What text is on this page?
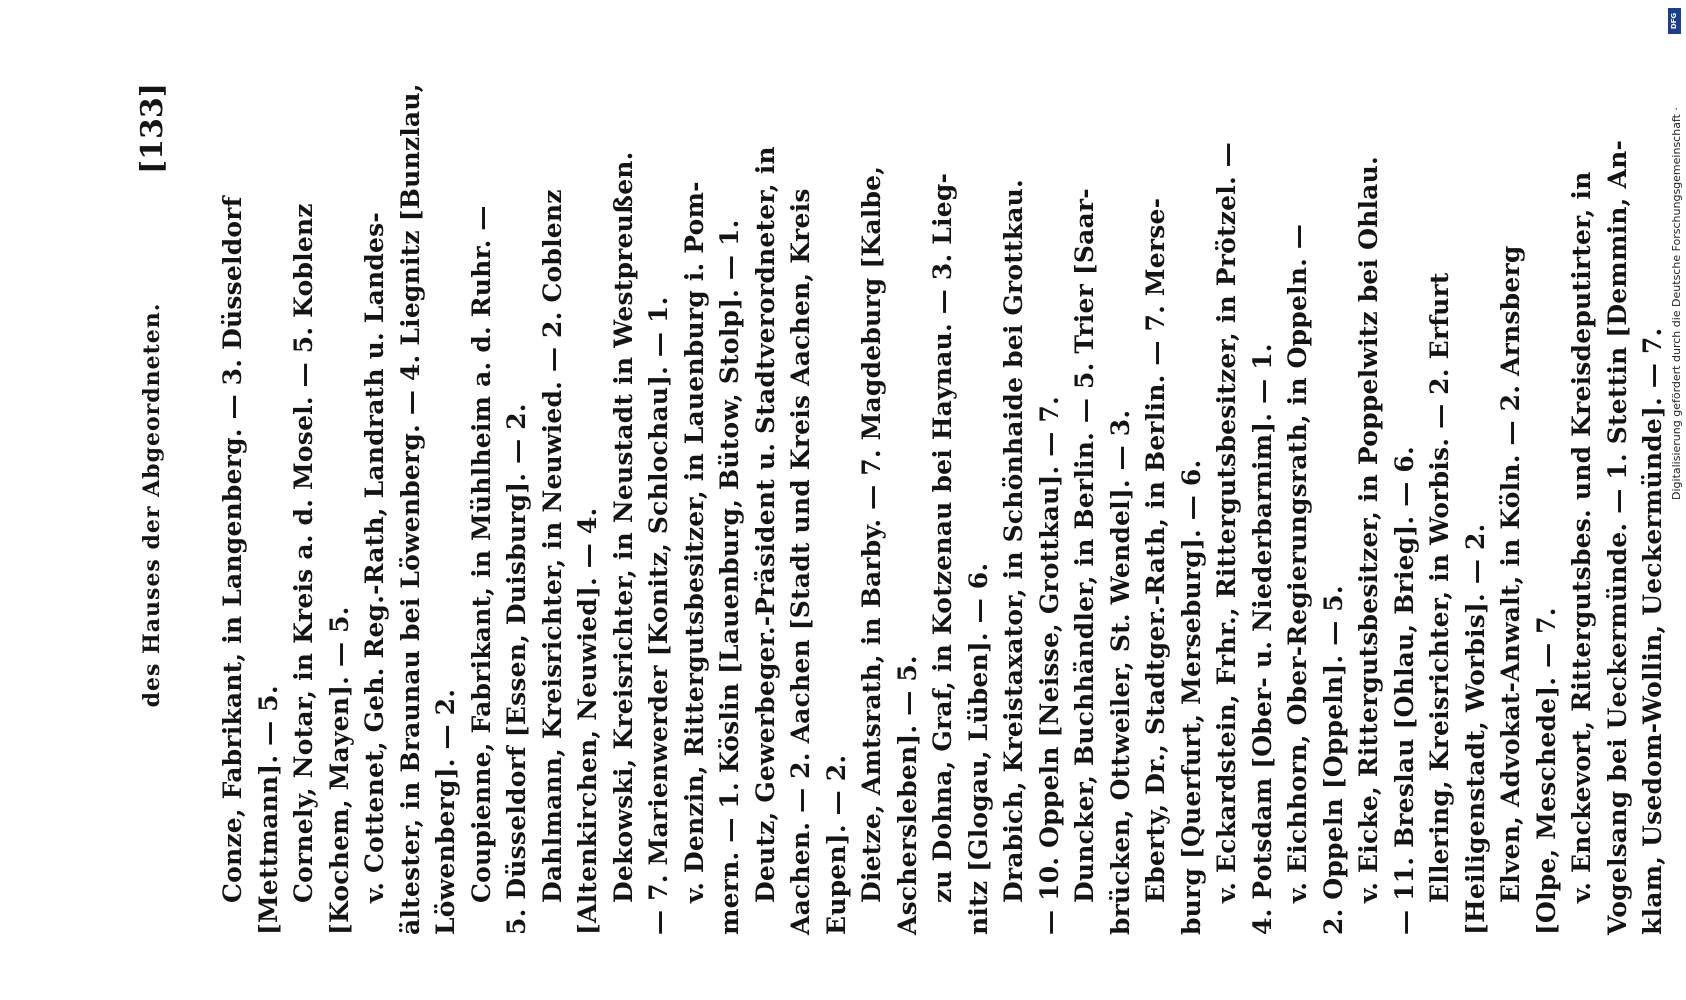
des Hauses der Abgeordneten.
[133]
Conze, Fabrikant, in Langenberg. — 3. Düsseldorf [Mettmann]. — 5. Cornely, Notar, in Kreis a. d. Mosel. — 5. Koblenz [Kochem, Mayen]. — 5. v. Cottenet, Geh. Reg.-Rath, Landrath u. Landes- ältester, in Braunau bei Löwenberg. — 4. Liegnitz [Bunzlau, Löwenberg]. — 2. Coupienne, Fabrikant, in Mühlheim a. d. Ruhr. — 5. Düsseldorf [Essen, Duisburg]. — 2. Dahlmann, Kreisrichter, in Neuwied. — 2. Coblenz [Altenkirchen, Neuwied]. — 4. Dekowski, Kreisrichter, in Neustadt in Westpreußen. — 7. Marienwerder [Konitz, Schlochau]. — 1. v. Denzin, Rittergutsbesitzer, in Lauenburg i. Pom- mern. — 1. Köslin [Lauenburg, Bütow, Stolp]. — 1. Deutz, Gewerbeger.-Präsident u. Stadtverordneter, in Aachen. — 2. Aachen [Stadt und Kreis Aachen, Kreis Eupen]. — 2. Dietze, Amtsrath, in Barby. — 7. Magdeburg [Kalbe, Aschersleben]. — 5. zu Dohna, Graf, in Kotzenau bei Haynau. — 3. Lieg- nitz [Glogau, Lüben]. — 6. Drabich, Kreistaxator, in Schönhaide bei Grottkau. — 10. Oppeln [Neisse, Grottkau]. — 7. Duncker, Buchhändler, in Berlin. — 5. Trier [Saar- brücken, Ottweiler, St. Wendel]. — 3. Eberty, Dr., Stadtger.-Rath, in Berlin. — 7. Merse- burg [Querfurt, Merseburg]. — 6. v. Eckardstein, Frhr., Rittergutsbesitzer, in Prötzel. — 4. Potsdam [Ober- u. Niederbarnim]. — 1. v. Eichhorn, Ober-Regierungsrath, in Oppeln. — 2. Oppeln [Oppeln]. — 5. v. Eicke, Rittergutsbesitzer, in Poppelwitz bei Ohlau. — 11. Breslau [Ohlau, Brieg]. — 6. Ellering, Kreisrichter, in Worbis. — 2. Erfurt [Heiligenstadt, Worbis]. — 2. Elven, Advokat-Anwalt, in Köln. — 2. Arnsberg [Olpe, Meschede]. — 7. v. Enckevort, Rittergutsbes. und Kreisdeputirter, in Vogelsang bei Ueckermünde. — 1. Stettin [Demmin, An- klam, Usedom-Wollin, Ueckermünde]. — 7.
Digitalisierung gefördert durch die Deutsche Forschungsgemeinschaft ·
DFG
